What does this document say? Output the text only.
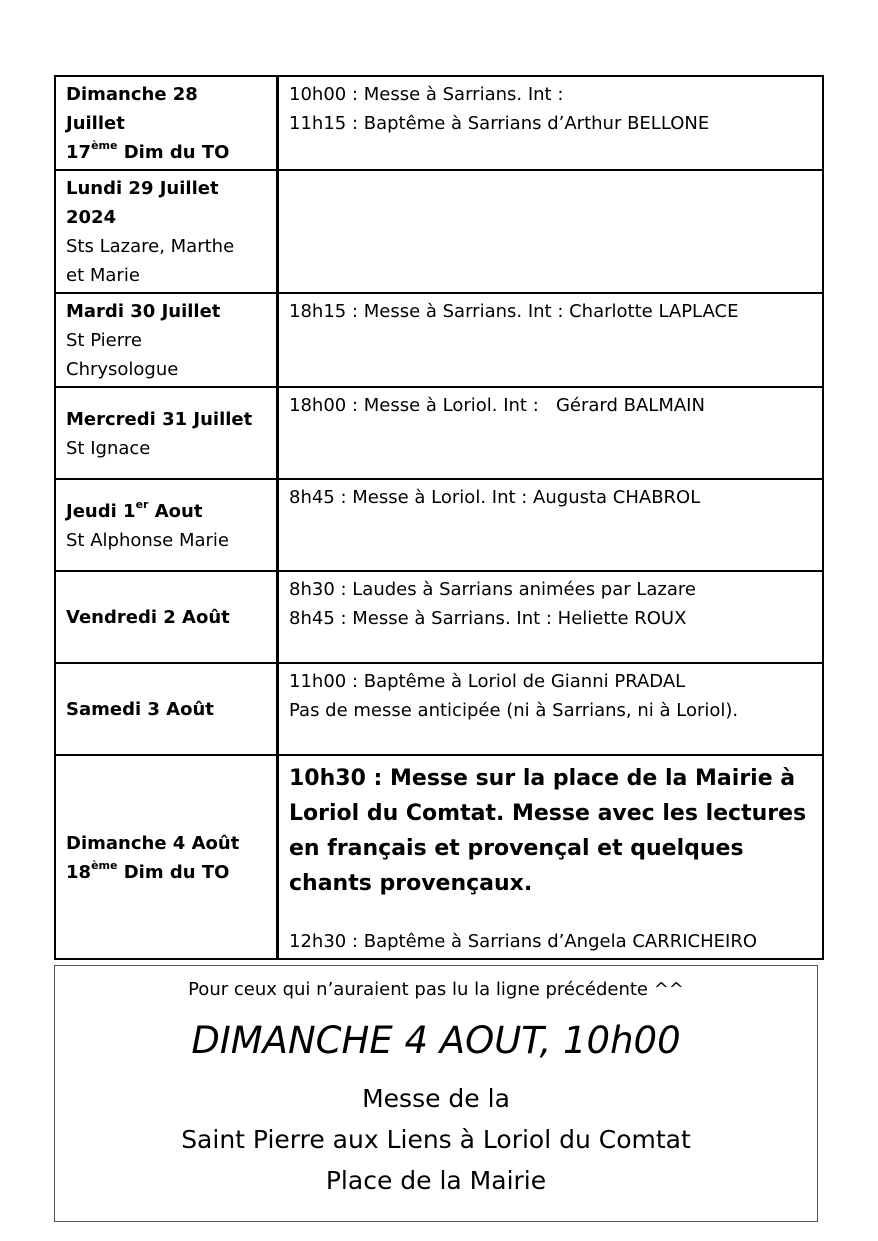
Dimanche 28
Juillet
17ème Dim du TO	10h00 : Messe à Sarrians. Int :
11h15 : Baptême à Sarrians d’Arthur BELLONE

Lundi 29 Juillet
2024
Sts Lazare, Marthe
et Marie	

Mardi 30 Juillet
St Pierre
Chrysologue	18h15 : Messe à Sarrians. Int : Charlotte LAPLACE

Mercredi 31 Juillet
St Ignace	18h00 : Messe à Loriol. Int :   Gérard BALMAIN

Jeudi 1er Aout
St Alphonse Marie	8h45 : Messe à Loriol. Int : Augusta CHABROL

Vendredi 2 Août	8h30 : Laudes à Sarrians animées par Lazare
8h45 : Messe à Sarrians. Int : Heliette ROUX

Samedi 3 Août	11h00 : Baptême à Loriol de Gianni PRADAL
Pas de messe anticipée (ni à Sarrians, ni à Loriol).

Dimanche 4 Août
18ème Dim du TO	10h30 : Messe sur la place de la Mairie à Loriol du Comtat. Messe avec les lectures en français et provençal et quelques chants provençaux.
12h30 : Baptême à Sarrians d’Angela CARRICHEIRO
Pour ceux qui n’auraient pas lu la ligne précédente ^^
DIMANCHE 4 AOUT, 10h00
Messe de la
Saint Pierre aux Liens à Loriol du Comtat
Place de la Mairie
